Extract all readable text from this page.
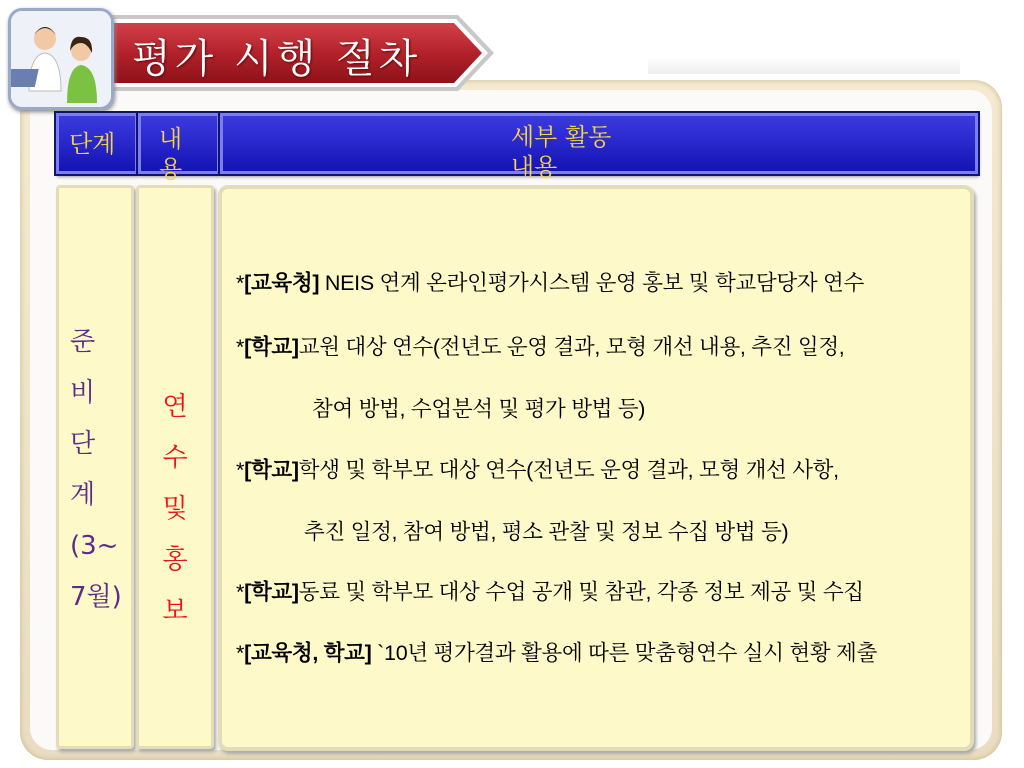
평가 시행 절차
단계 내용
세부 활동 내용
준
비
단
계
(3~
7월)
연
수
및
홍
보
*[교육청] NEIS 연계 온라인평가시스템 운영 홍보 및 학교담당자 연수
*[학교]교원 대상 연수(전년도 운영 결과, 모형 개선 내용, 추진 일정,
참여 방법, 수업분석 및 평가 방법 등)
*[학교]학생 및 학부모 대상 연수(전년도 운영 결과, 모형 개선 사항,
추진 일정, 참여 방법, 평소 관찰 및 정보 수집 방법 등)
*[학교]동료 및 학부모 대상 수업 공개 및 참관, 각종 정보 제공 및 수집
*[교육청, 학교] `10년 평가결과 활용에 따른 맞춤형연수 실시 현황 제출
